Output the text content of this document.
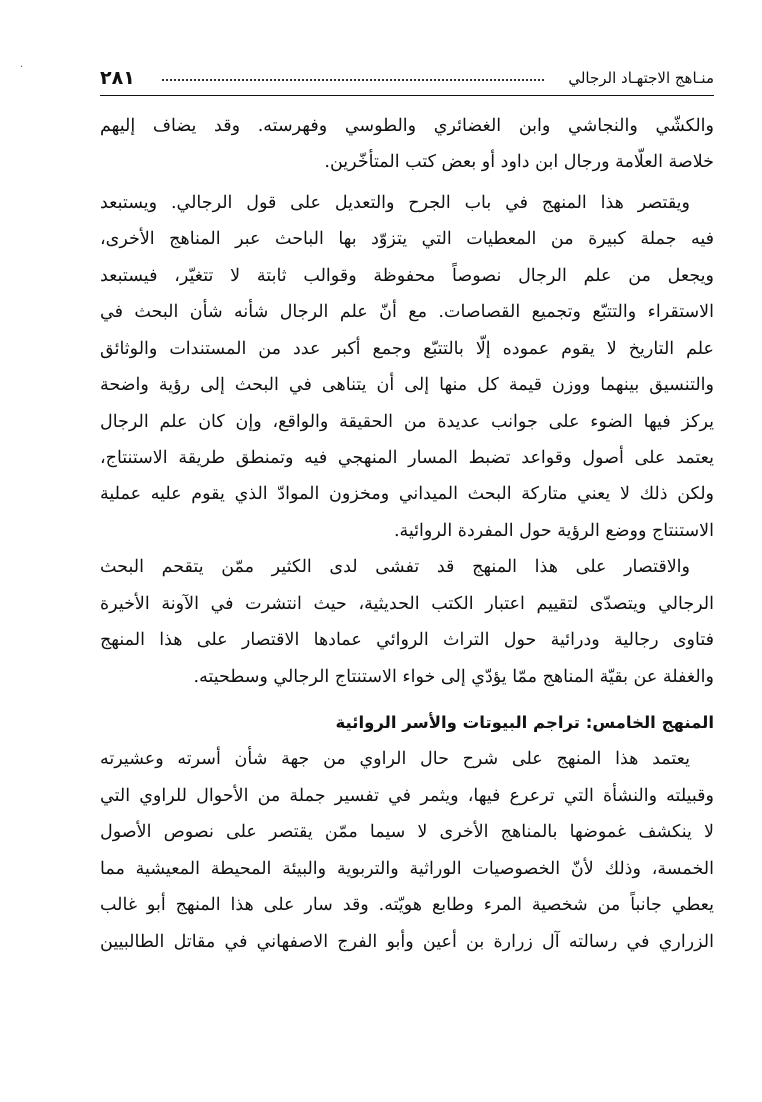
·	٢٨١	منـاهج الاجتهـاد الرجالي
والكشّي والنجاشي وابن الغضائري والطوسي وفهرسته. وقد يضاف إليهم
خلاصة العلّامة ورجال ابن داود أو بعض كتب المتأخّرين.
ويقتصر هذا المنهج في باب الجرح والتعديل على قول الرجالي. ويستبعد
فيه جملة كبيرة من المعطيات التي يتزوّد بها الباحث عبر المناهج الأخرى،
ويجعل من علم الرجال نصوصاً محفوظة وقوالب ثابتة لا تتغيّر، فيستبعد
الاستقراء والتتبّع وتجميع القصاصات. مع أنّ علم الرجال شأنه شأن البحث في
علم التاريخ لا يقوم عموده إلّا بالتتبّع وجمع أكبر عدد من المستندات والوثائق
والتنسيق بينهما ووزن قيمة كل منها إلى أن يتناهى في البحث إلى رؤية واضحة
يركز فيها الضوء على جوانب عديدة من الحقيقة والواقع، وإن كان علم الرجال
يعتمد على أصول وقواعد تضبط المسار المنهجي فيه وتمنطق طريقة الاستنتاج،
ولكن ذلك لا يعني متاركة البحث الميداني ومخزون الموادّ الذي يقوم عليه عملية
الاستنتاج ووضع الرؤية حول المفردة الروائية.
والاقتصار على هذا المنهج قد تفشى لدى الكثير ممّن يتقحم البحث
الرجالي ويتصدّى لتقييم اعتبار الكتب الحديثية، حيث انتشرت في الآونة الأخيرة
فتاوى رجالية ودرائية حول التراث الروائي عمادها الاقتصار على هذا المنهج
والغفلة عن بقيّة المناهج ممّا يؤدّي إلى خواء الاستنتاج الرجالي وسطحيته.
المنهج الخامس: تراجم البيوتات والأسر الروائية
يعتمد هذا المنهج على شرح حال الراوي من جهة شأن أسرته وعشيرته
وقبيلته والنشأة التي ترعرع فيها، ويثمر في تفسير جملة من الأحوال للراوي التي
لا ينكشف غموضها بالمناهج الأخرى لا سيما ممّن يقتصر على نصوص الأصول
الخمسة، وذلك لأنّ الخصوصيات الوراثية والتربوية والبيئة المحيطة المعيشية مما
يعطي جانباً من شخصية المرء وطابع هويّته. وقد سار على هذا المنهج أبو غالب
الزراري في رسالته آل زرارة بن أعين وأبو الفرج الاصفهاني في مقاتل الطالبيين
